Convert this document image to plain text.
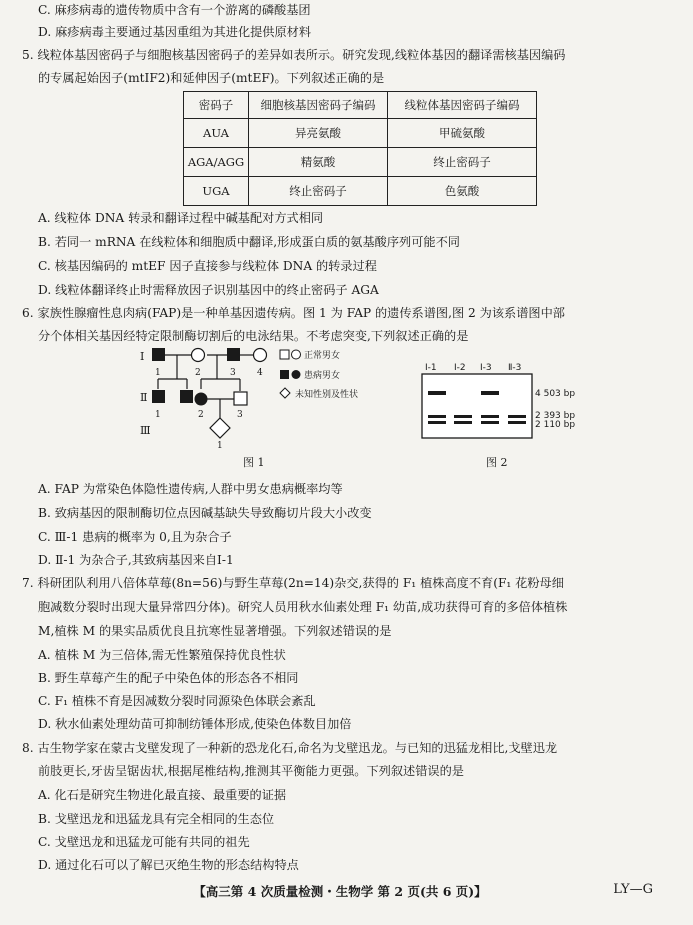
C. 麻疹病毒的遗传物质中含有一个游离的磷酸基团
D. 麻疹病毒主要通过基因重组为其进化提供原材料
5. 线粒体基因密码子与细胞核基因密码子的差异如表所示。研究发现,线粒体基因的翻译需核基因编码
的专属起始因子(mtIF2)和延伸因子(mtEF)。下列叙述正确的是
密码子	细胞核基因密码子编码	线粒体基因密码子编码
AUA	异亮氨酸	甲硫氨酸
AGA/AGG	精氨酸	终止密码子
UGA	终止密码子	色氨酸
A. 线粒体 DNA 转录和翻译过程中碱基配对方式相同
B. 若同一 mRNA 在线粒体和细胞质中翻译,形成蛋白质的氨基酸序列可能不同
C. 核基因编码的 mtEF 因子直接参与线粒体 DNA 的转录过程
D. 线粒体翻译终止时需释放因子识别基因中的终止密码子 AGA
6. 家族性腺瘤性息肉病(FAP)是一种单基因遗传病。图 1 为 FAP 的遗传系谱图,图 2 为该系谱图中部
分个体相关基因经特定限制酶切割后的电泳结果。不考虑突变,下列叙述正确的是
Ⅰ
Ⅱ
Ⅲ
1	2	3 4
1	2	3
1
正常男女
患病男女
未知性别及性状
Ⅰ-1 Ⅰ-2 Ⅰ-3 Ⅱ-3
4 503 bp
2 393 bp
2 110 bp
图 1	图 2
A. FAP 为常染色体隐性遗传病,人群中男女患病概率均等
B. 致病基因的限制酶切位点因碱基缺失导致酶切片段大小改变
C. Ⅲ-1 患病的概率为 0,且为杂合子
D. Ⅱ-1 为杂合子,其致病基因来自Ⅰ-1
7. 科研团队利用八倍体草莓(8n=56)与野生草莓(2n=14)杂交,获得的 F₁ 植株高度不育(F₁ 花粉母细
胞减数分裂时出现大量异常四分体)。研究人员用秋水仙素处理 F₁ 幼苗,成功获得可育的多倍体植株
M,植株 M 的果实品质优良且抗寒性显著增强。下列叙述错误的是
A. 植株 M 为三倍体,需无性繁殖保持优良性状
B. 野生草莓产生的配子中染色体的形态各不相同
C. F₁ 植株不育是因减数分裂时同源染色体联会紊乱
D. 秋水仙素处理幼苗可抑制纺锤体形成,使染色体数目加倍
8. 古生物学家在蒙古戈壁发现了一种新的恐龙化石,命名为戈壁迅龙。与已知的迅猛龙相比,戈壁迅龙
前肢更长,牙齿呈锯齿状,根据尾椎结构,推测其平衡能力更强。下列叙述错误的是
A. 化石是研究生物进化最直接、最重要的证据
B. 戈壁迅龙和迅猛龙具有完全相同的生态位
C. 戈壁迅龙和迅猛龙可能有共同的祖先
D. 通过化石可以了解已灭绝生物的形态结构特点
【高三第 4 次质量检测・生物学 第 2 页(共 6 页)】	LY—G
